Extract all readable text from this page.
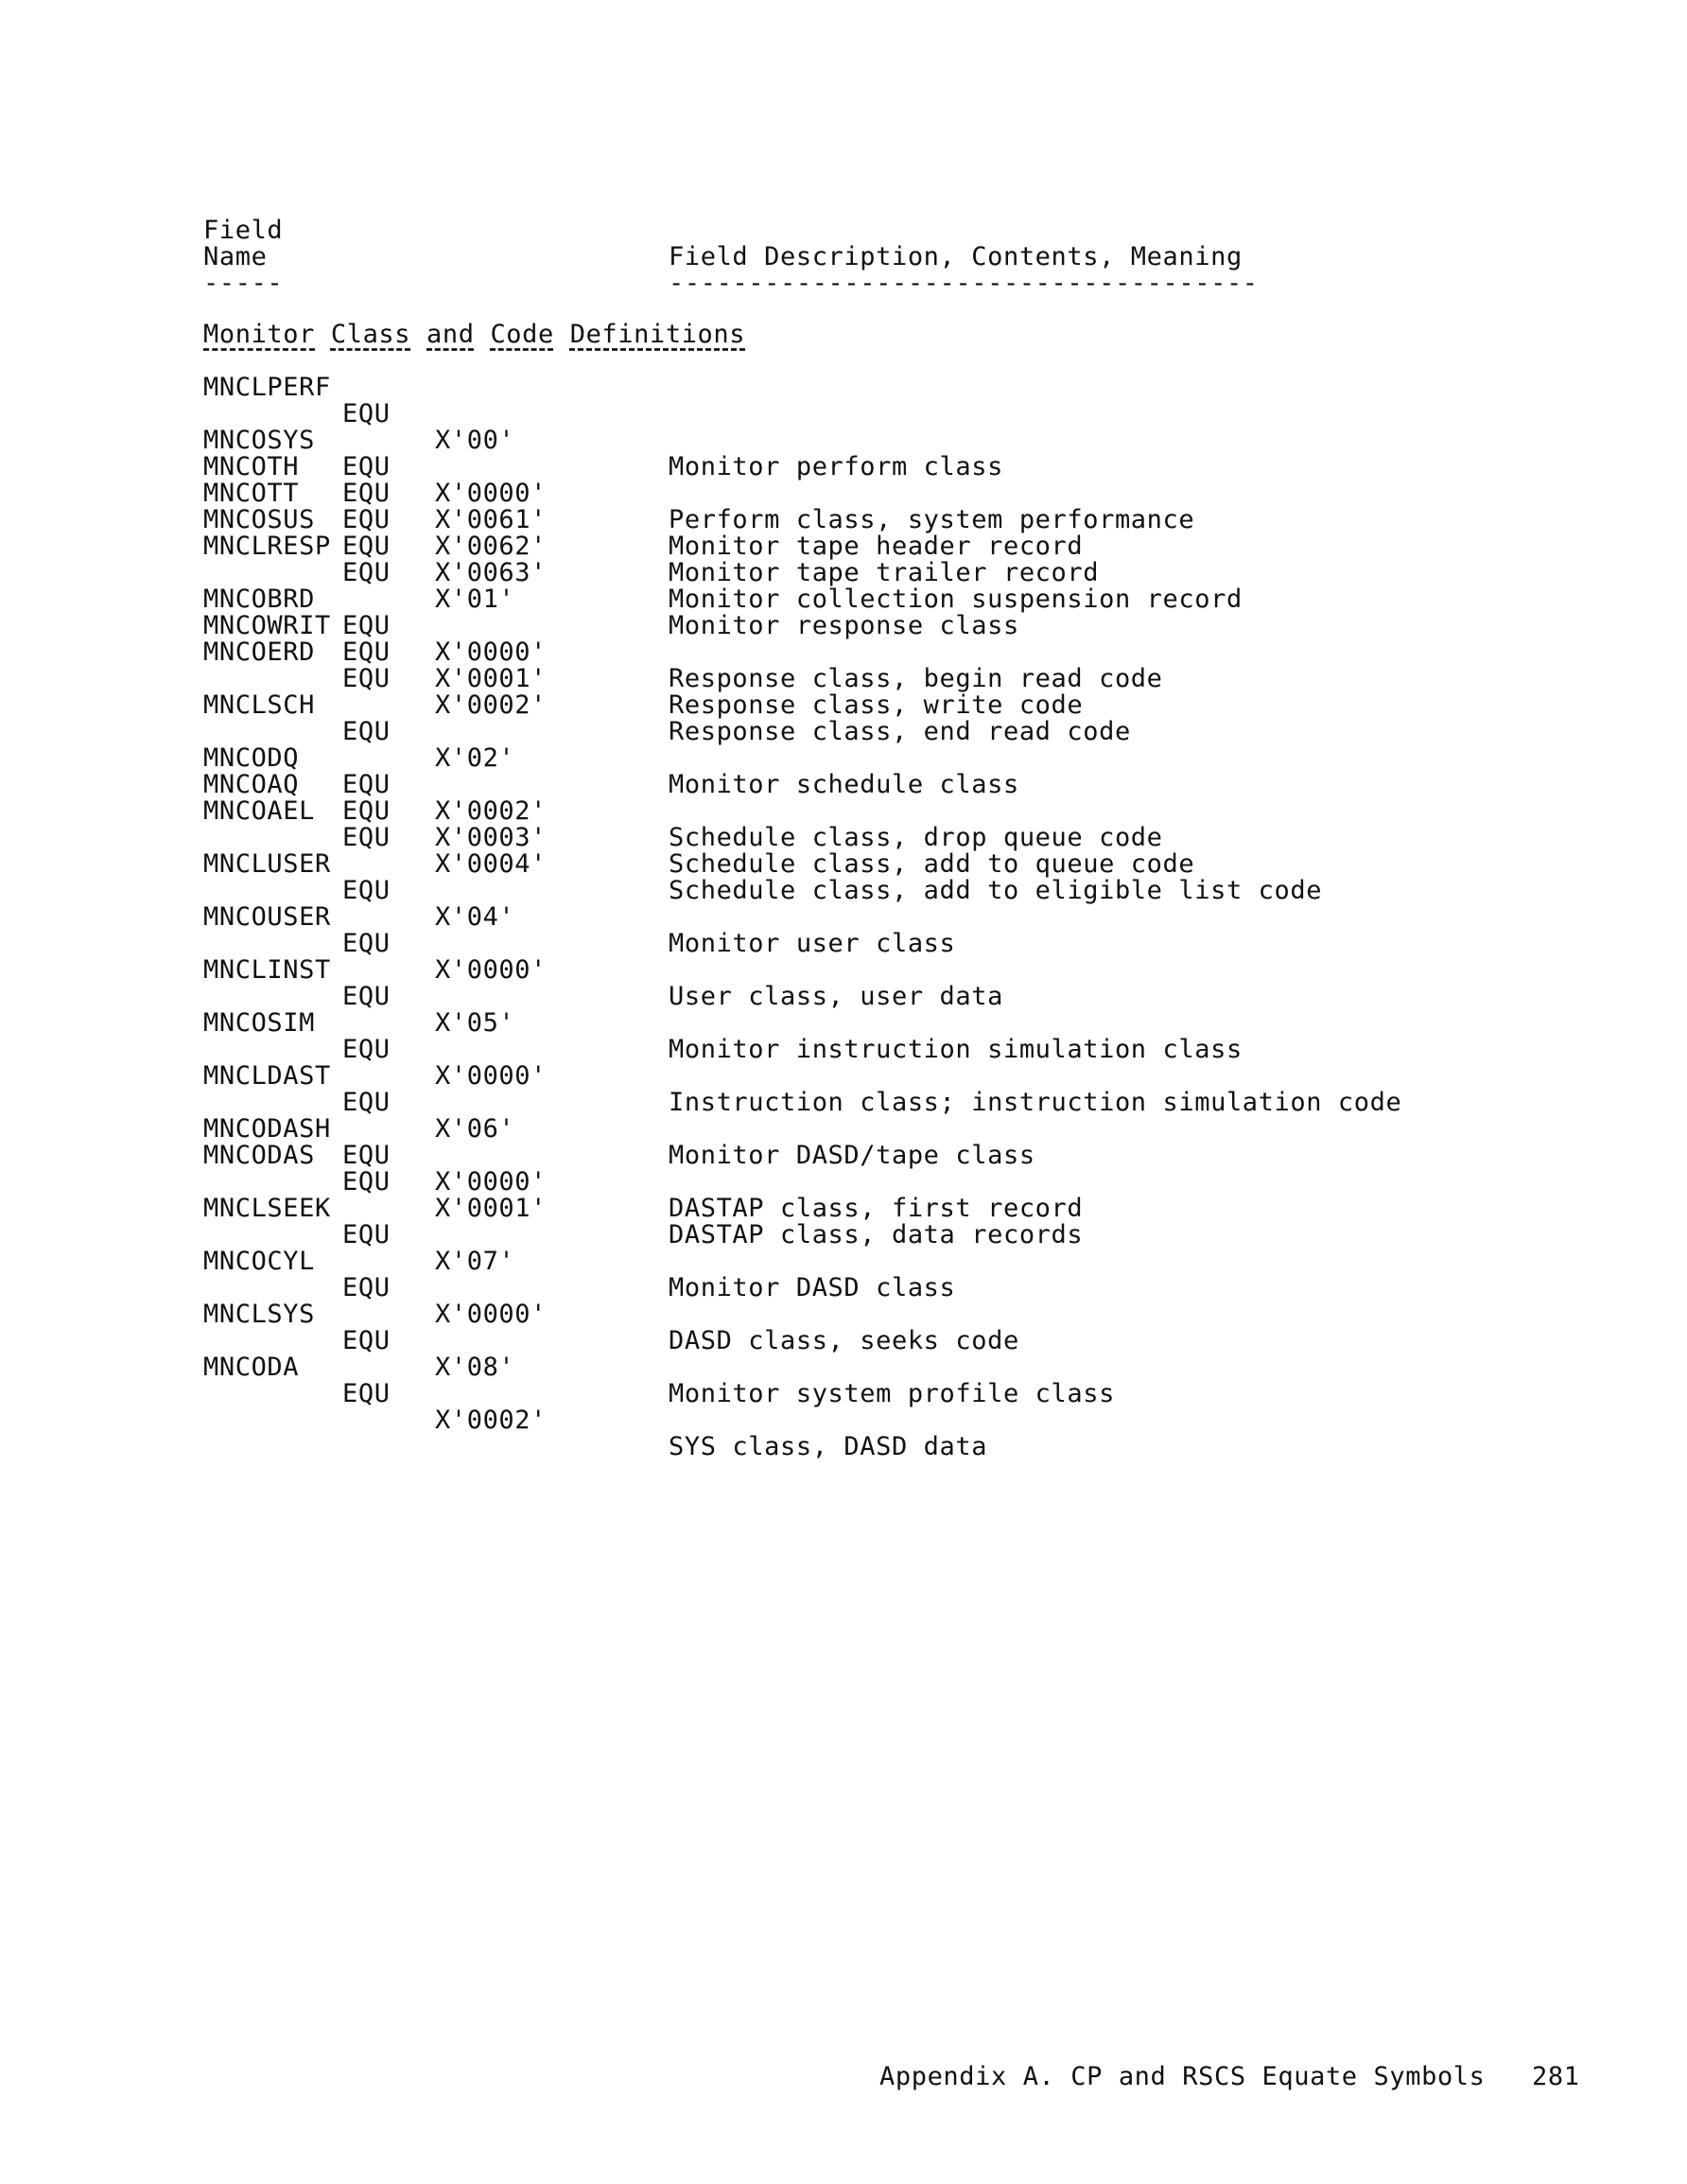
Field
Name
-----
Field Description, Contents, Meaning
-------------------------------------
Monitor Class and Code Definitions

MNCLPERF

EQU

X'00'

Monitor perform class

MNCOSYS

EQU

X'0000'

Perform class, system performance

MNCOTH

EQU

X'0061'

Monitor tape header record

MNCOTT

EQU

X'0062'

Monitor tape trailer record

MNCOSUS

EQU

X'0063'

Monitor collection suspension record

MNCLRESP

EQU

X'01'

Monitor response class

MNCOBRD

EQU

X'0000'

Response class, begin read code

MNCOWRIT

EQU

X'0001'

Response class, write code

MNCOERD

EQU

X'0002'

Response class, end read code

MNCLSCH

EQU

X'02'

Monitor schedule class

MNCODQ

EQU

X'0002'

Schedule class, drop queue code

MNCOAQ

EQU

X'0003'

Schedule class, add to queue code

MNCOAEL

EQU

X'0004'

Schedule class, add to eligible list code

MNCLUSER

EQU

X'04'

Monitor user class

MNCOUSER

EQU

X'0000'

User class, user data

MNCLINST

EQU

X'05'

Monitor instruction simulation class

MNCOSIM

EQU

X'0000'

Instruction class; instruction simulation code

MNCLDAST

EQU

X'06'

Monitor DASD/tape class

MNCODASH

EQU

X'0000'

DASTAP class, first record

MNCODAS

EQU

X'0001'

DASTAP class, data records

MNCLSEEK

EQU

X'07'

Monitor DASD class

MNCOCYL

EQU

X'0000'

DASD class, seeks code

MNCLSYS

EQU

X'08'

Monitor system profile class

MNCODA

EQU

X'0002'

SYS class, DASD data

Appendix A. CP and RSCS Equate Symbols 281
